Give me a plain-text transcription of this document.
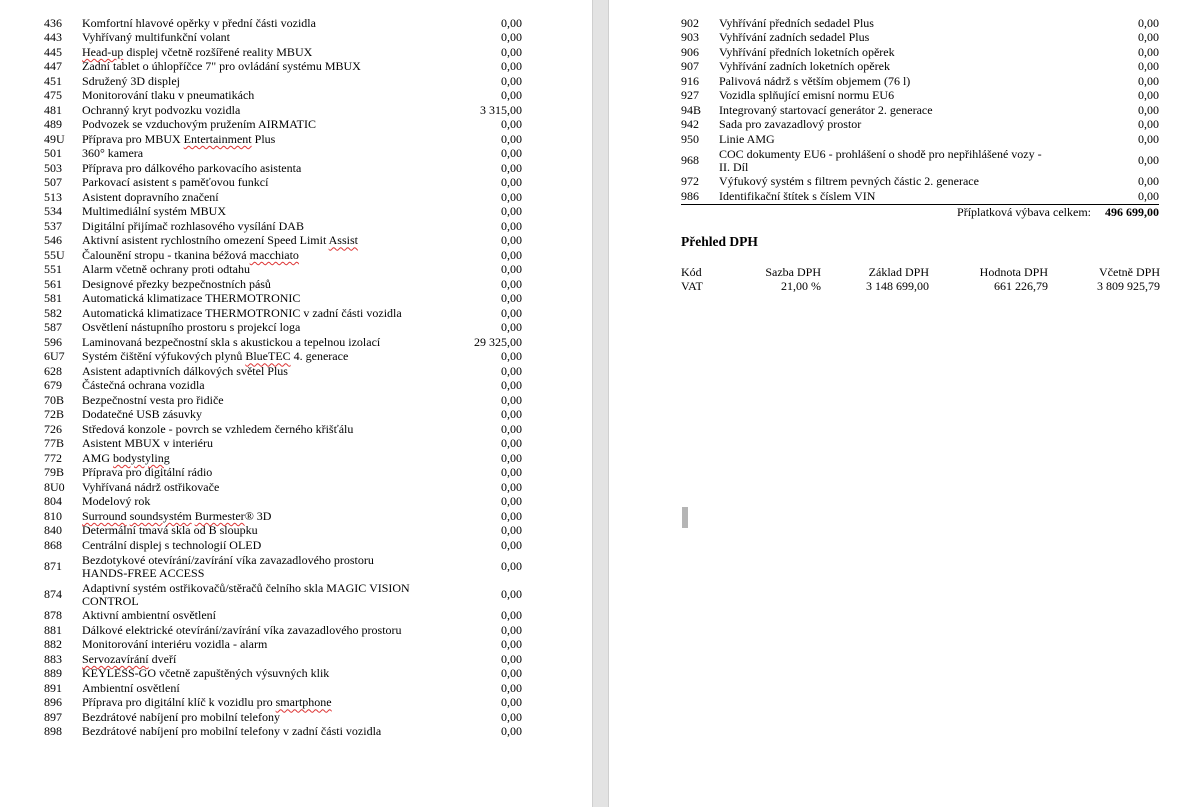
436	Komfortní hlavové opěrky v přední části vozidla	0,00
443	Vyhřívaný multifunkční volant	0,00
445	Head-up displej včetně rozšířené reality MBUX	0,00
447	Zadní tablet o úhlopříčce 7" pro ovládání systému MBUX	0,00
451	Sdružený 3D displej	0,00
475	Monitorování tlaku v pneumatikách	0,00
481	Ochranný kryt podvozku vozidla	3 315,00
489	Podvozek se vzduchovým pružením AIRMATIC	0,00
49U	Příprava pro MBUX Entertainment Plus	0,00
501	360° kamera	0,00
503	Příprava pro dálkového parkovacího asistenta	0,00
507	Parkovací asistent s paměťovou funkcí	0,00
513	Asistent dopravního značení	0,00
534	Multimediální systém MBUX	0,00
537	Digitální přijímač rozhlasového vysílání DAB	0,00
546	Aktivní asistent rychlostního omezení Speed Limit Assist	0,00
55U	Čalounění stropu - tkanina béžová macchiato	0,00
551	Alarm včetně ochrany proti odtahu	0,00
561	Designové přezky bezpečnostních pásů	0,00
581	Automatická klimatizace THERMOTRONIC	0,00
582	Automatická klimatizace THERMOTRONIC v zadní části vozidla	0,00
587	Osvětlení nástupního prostoru s projekcí loga	0,00
596	Laminovaná bezpečnostní skla s akustickou a tepelnou izolací	29 325,00
6U7	Systém čištění výfukových plynů BlueTEC 4. generace	0,00
628	Asistent adaptivních dálkových světel Plus	0,00
679	Částečná ochrana vozidla	0,00
70B	Bezpečnostní vesta pro řidiče	0,00
72B	Dodatečné USB zásuvky	0,00
726	Středová konzole - povrch se vzhledem černého křišťálu	0,00
77B	Asistent MBUX v interiéru	0,00
772	AMG bodystyling	0,00
79B	Příprava pro digitální rádio	0,00
8U0	Vyhřívaná nádrž ostřikovače	0,00
804	Modelový rok	0,00
810	Surround soundsystém Burmester® 3D	0,00
840	Determální tmavá skla od B sloupku	0,00
868	Centrální displej s technologií OLED	0,00
871	Bezdotykové otevírání/zavírání víka zavazadlového prostoru HANDS-FREE ACCESS	0,00
874	Adaptivní systém ostřikovačů/stěračů čelního skla MAGIC VISION CONTROL	0,00
878	Aktivní ambientní osvětlení	0,00
881	Dálkové elektrické otevírání/zavírání víka zavazadlového prostoru	0,00
882	Monitorování interiéru vozidla - alarm	0,00
883	Servozavírání dveří	0,00
889	KEYLESS-GO včetně zapuštěných výsuvných klik	0,00
891	Ambientní osvětlení	0,00
896	Příprava pro digitální klíč k vozidlu pro smartphone	0,00
897	Bezdrátové nabíjení pro mobilní telefony	0,00
898	Bezdrátové nabíjení pro mobilní telefony v zadní části vozidla	0,00
902	Vyhřívání předních sedadel Plus	0,00
903	Vyhřívání zadních sedadel Plus	0,00
906	Vyhřívání předních loketních opěrek	0,00
907	Vyhřívání zadních loketních opěrek	0,00
916	Palivová nádrž s větším objemem (76 l)	0,00
927	Vozidla splňující emisní normu EU6	0,00
94B	Integrovaný startovací generátor 2. generace	0,00
942	Sada pro zavazadlový prostor	0,00
950	Linie AMG	0,00
968	COC dokumenty EU6 - prohlášení o shodě pro nepřihlášené vozy - II. Díl	0,00
972	Výfukový systém s filtrem pevných částic 2. generace	0,00
986	Identifikační štítek s číslem VIN	0,00
Příplatková výbava celkem: 496 699,00
Přehled DPH
Kód	Sazba DPH	Základ DPH	Hodnota DPH	Včetně DPH
VAT	21,00 %	3 148 699,00	661 226,79	3 809 925,79
